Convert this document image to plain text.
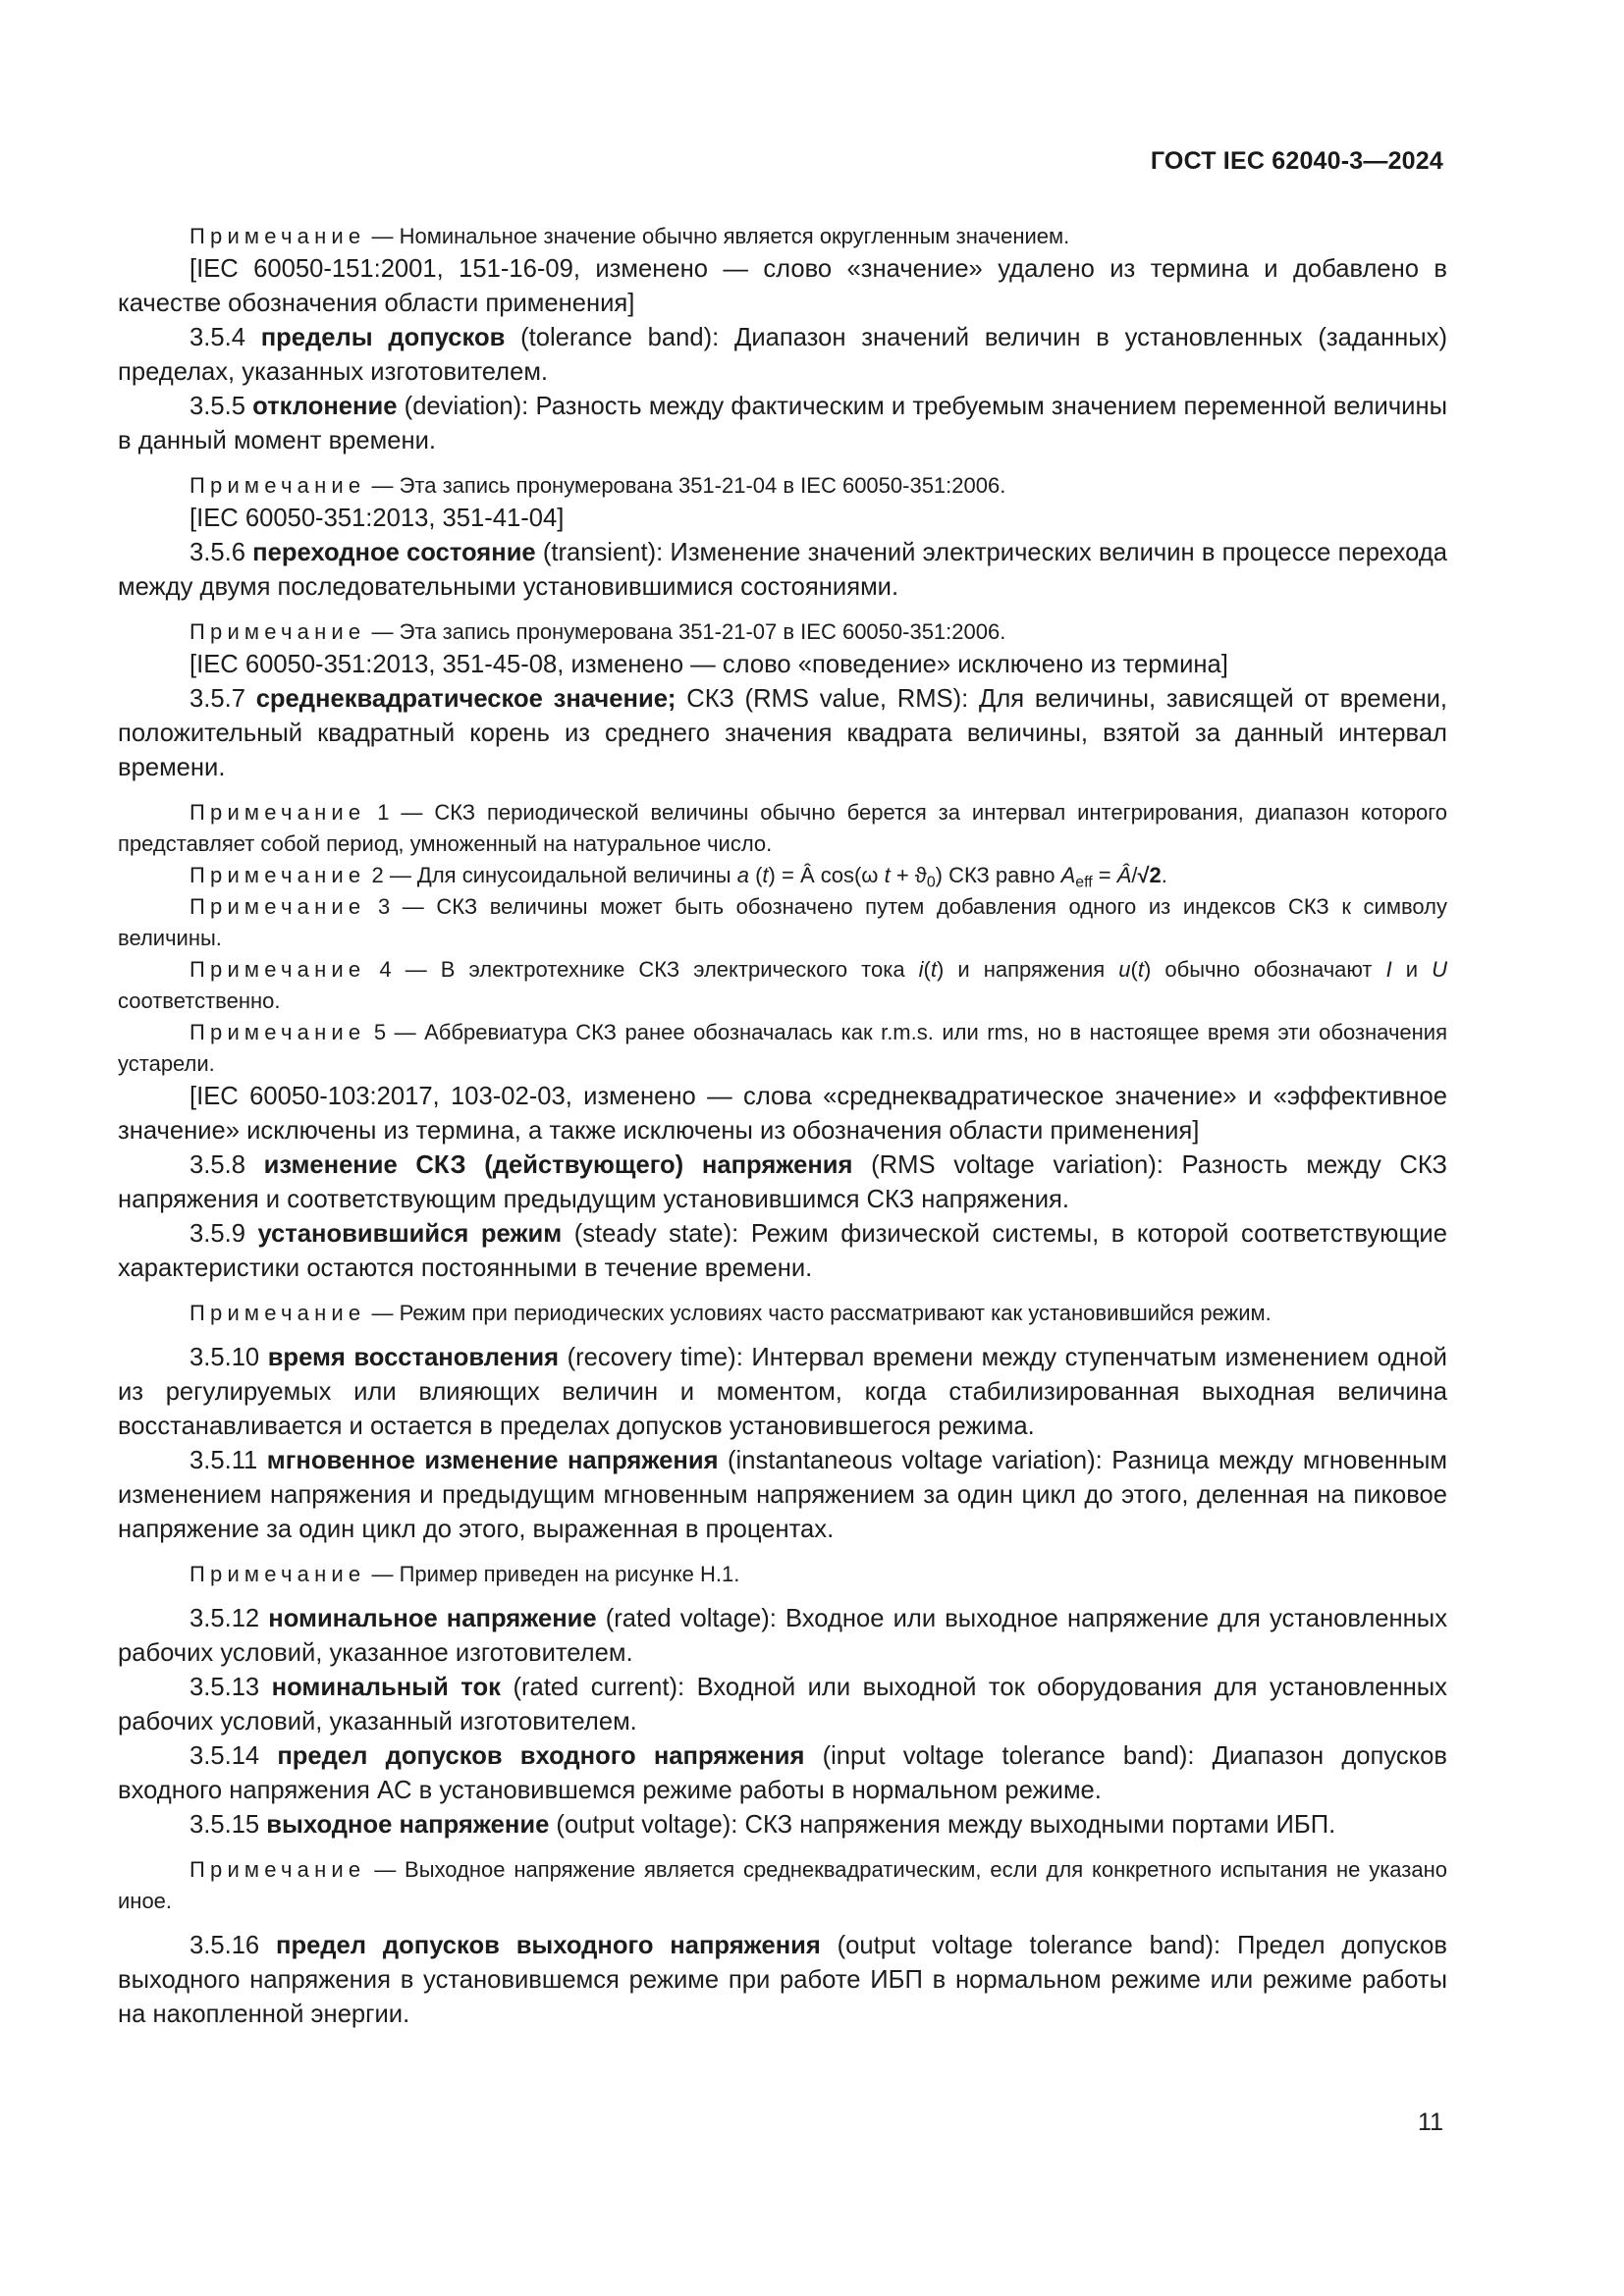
ГОСТ IEC 62040-3—2024

Примечание — Номинальное значение обычно является округленным значением.

[IEC 60050-151:2001, 151-16-09, изменено — слово «значение» удалено из термина и добавлено в качестве обозначения области применения]

3.5.4 пределы допусков (tolerance band): Диапазон значений величин в установленных (заданных) пределах, указанных изготовителем.

3.5.5 отклонение (deviation): Разность между фактическим и требуемым значением переменной величины в данный момент времени.

Примечание — Эта запись пронумерована 351-21-04 в IEC 60050-351:2006.

[IEC 60050-351:2013, 351-41-04]

3.5.6 переходное состояние (transient): Изменение значений электрических величин в процессе перехода между двумя последовательными установившимися состояниями.

Примечание — Эта запись пронумерована 351-21-07 в IEC 60050-351:2006.

[IEC 60050-351:2013, 351-45-08, изменено — слово «поведение» исключено из термина]

3.5.7 среднеквадратическое значение; СКЗ (RMS value, RMS): Для величины, зависящей от времени, положительный квадратный корень из среднего значения квадрата величины, взятой за данный интервал времени.

Примечание 1 — СКЗ периодической величины обычно берется за интервал интегрирования, диапазон которого представляет собой период, умноженный на натуральное число.

Примечание 2 — Для синусоидальной величины a (t) = Â cos(ω $t + ϑ_0$) СКЗ равно $A_{eff}$ = Â/√2.

Примечание 3 — СКЗ величины может быть обозначено путем добавления одного из индексов СКЗ к символу величины.

Примечание 4 — В электротехнике СКЗ электрического тока i(t) и напряжения u(t) обычно обозначают I и U соответственно.

Примечание 5 — Аббревиатура СКЗ ранее обозначалась как r.m.s. или rms, но в настоящее время эти обозначения устарели.

[IEC 60050-103:2017, 103-02-03, изменено — слова «среднеквадратическое значение» и «эффективное значение» исключены из термина, а также исключены из обозначения области применения]

3.5.8 изменение СКЗ (действующего) напряжения (RMS voltage variation): Разность между СКЗ напряжения и соответствующим предыдущим установившимся СКЗ напряжения.

3.5.9 установившийся режим (steady state): Режим физической системы, в которой соответствующие характеристики остаются постоянными в течение времени.

Примечание — Режим при периодических условиях часто рассматривают как установившийся режим.

3.5.10 время восстановления (recovery time): Интервал времени между ступенчатым изменением одной из регулируемых или влияющих величин и моментом, когда стабилизированная выходная величина восстанавливается и остается в пределах допусков установившегося режима.

3.5.11 мгновенное изменение напряжения (instantaneous voltage variation): Разница между мгновенным изменением напряжения и предыдущим мгновенным напряжением за один цикл до этого, деленная на пиковое напряжение за один цикл до этого, выраженная в процентах.

Примечание — Пример приведен на рисунке H.1.

3.5.12 номинальное напряжение (rated voltage): Входное или выходное напряжение для установленных рабочих условий, указанное изготовителем.

3.5.13 номинальный ток (rated current): Входной или выходной ток оборудования для установленных рабочих условий, указанный изготовителем.

3.5.14 предел допусков входного напряжения (input voltage tolerance band): Диапазон допусков входного напряжения AC в установившемся режиме работы в нормальном режиме.

3.5.15 выходное напряжение (output voltage): СКЗ напряжения между выходными портами ИБП.

Примечание — Выходное напряжение является среднеквадратическим, если для конкретного испытания не указано иное.

3.5.16 предел допусков выходного напряжения (output voltage tolerance band): Предел допусков выходного напряжения в установившемся режиме при работе ИБП в нормальном режиме или режиме работы на накопленной энергии.

11
